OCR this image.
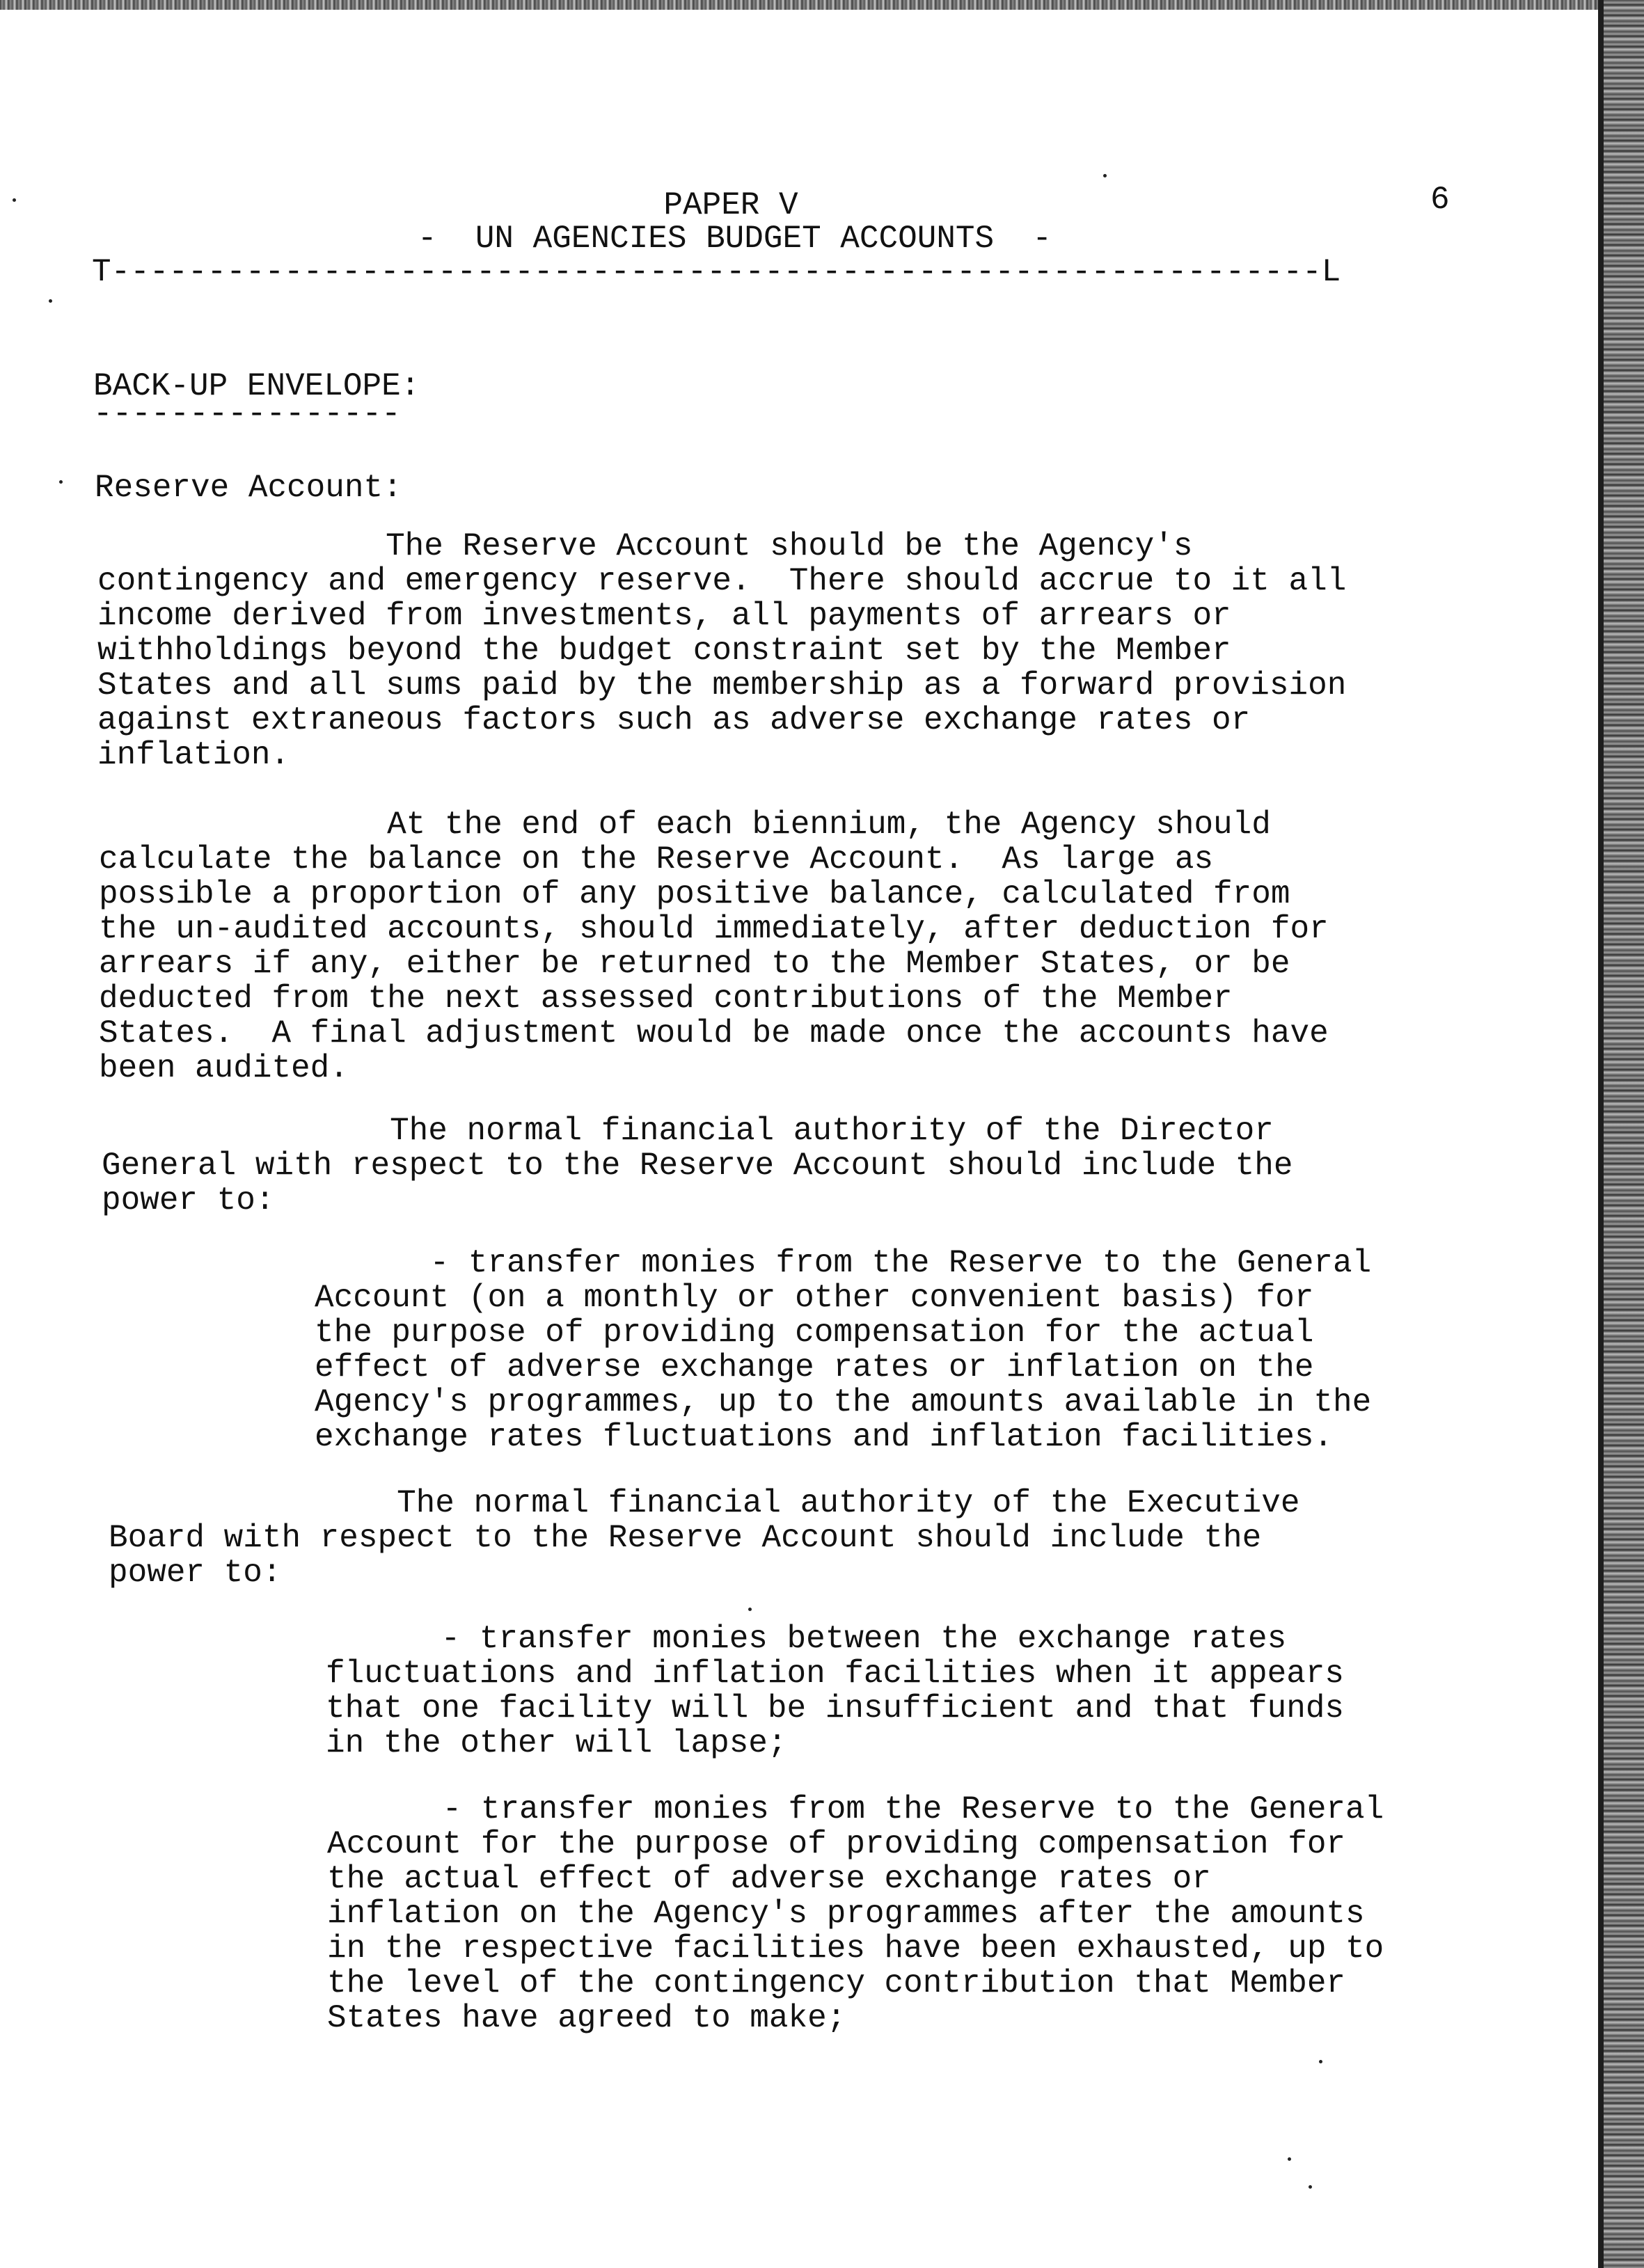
PAPER V
-  UN AGENCIES BUDGET ACCOUNTS  -
6
T---------------------------------------------------------------L
BACK-UP ENVELOPE:
----------------
Reserve Account:
The Reserve Account should be the Agency's
contingency and emergency reserve.  There should accrue to it all
income derived from investments, all payments of arrears or
withholdings beyond the budget constraint set by the Member
States and all sums paid by the membership as a forward provision
against extraneous factors such as adverse exchange rates or
inflation.
At the end of each biennium, the Agency should
calculate the balance on the Reserve Account.  As large as
possible a proportion of any positive balance, calculated from
the un-audited accounts, should immediately, after deduction for
arrears if any, either be returned to the Member States, or be
deducted from the next assessed contributions of the Member
States.  A final adjustment would be made once the accounts have
been audited.
The normal financial authority of the Director
General with respect to the Reserve Account should include the
power to:
- transfer monies from the Reserve to the General
Account (on a monthly or other convenient basis) for
the purpose of providing compensation for the actual
effect of adverse exchange rates or inflation on the
Agency's programmes, up to the amounts available in the
exchange rates fluctuations and inflation facilities.
The normal financial authority of the Executive
Board with respect to the Reserve Account should include the
power to:
- transfer monies between the exchange rates
fluctuations and inflation facilities when it appears
that one facility will be insufficient and that funds
in the other will lapse;
- transfer monies from the Reserve to the General
Account for the purpose of providing compensation for
the actual effect of adverse exchange rates or
inflation on the Agency's programmes after the amounts
in the respective facilities have been exhausted, up to
the level of the contingency contribution that Member
States have agreed to make;
